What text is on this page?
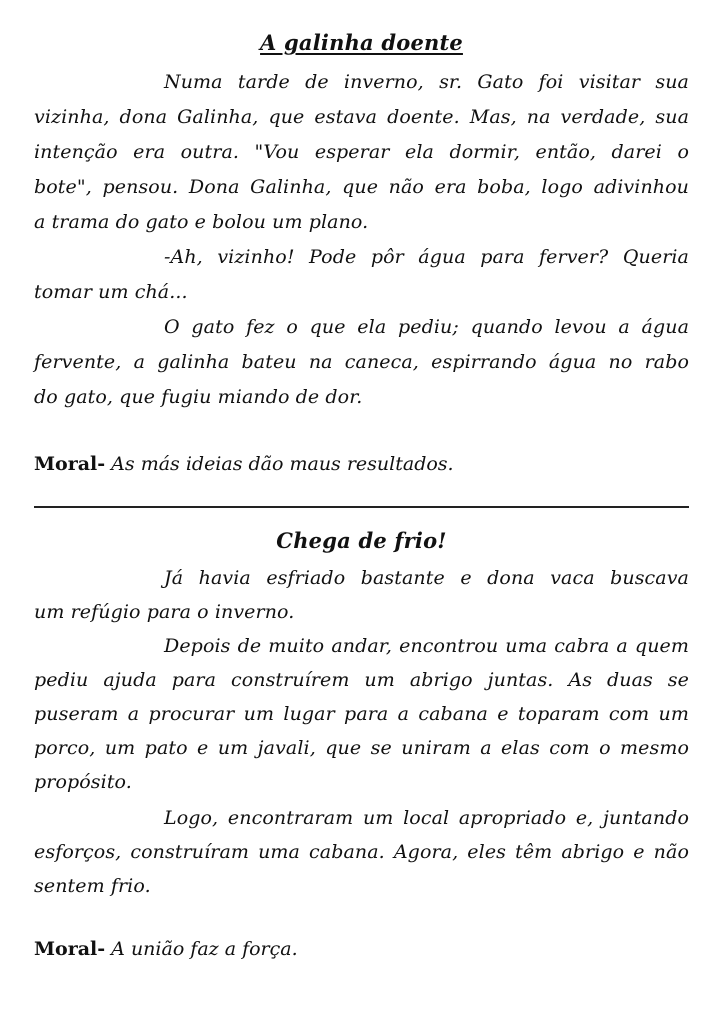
A galinha doente
Numa tarde de inverno, sr. Gato foi visitar sua
vizinha, dona Galinha, que estava doente. Mas, na verdade, sua
intenção era outra. "Vou esperar ela dormir, então, darei o
bote", pensou. Dona Galinha, que não era boba, logo adivinhou
a trama do gato e bolou um plano.
-Ah, vizinho! Pode pôr água para ferver? Queria
tomar um chá...
O gato fez o que ela pediu; quando levou a água
fervente, a galinha bateu na caneca, espirrando água no rabo
do gato, que fugiu miando de dor.
Moral- As más ideias dão maus resultados.
Chega de frio!
Já havia esfriado bastante e dona vaca buscava
um refúgio para o inverno.
Depois de muito andar, encontrou uma cabra a quem
pediu ajuda para construírem um abrigo juntas. As duas se
puseram a procurar um lugar para a cabana e toparam com um
porco, um pato e um javali, que se uniram a elas com o mesmo
propósito.
Logo, encontraram um local apropriado e, juntando
esforços, construíram uma cabana. Agora, eles têm abrigo e não
sentem frio.
Moral- A união faz a força.
